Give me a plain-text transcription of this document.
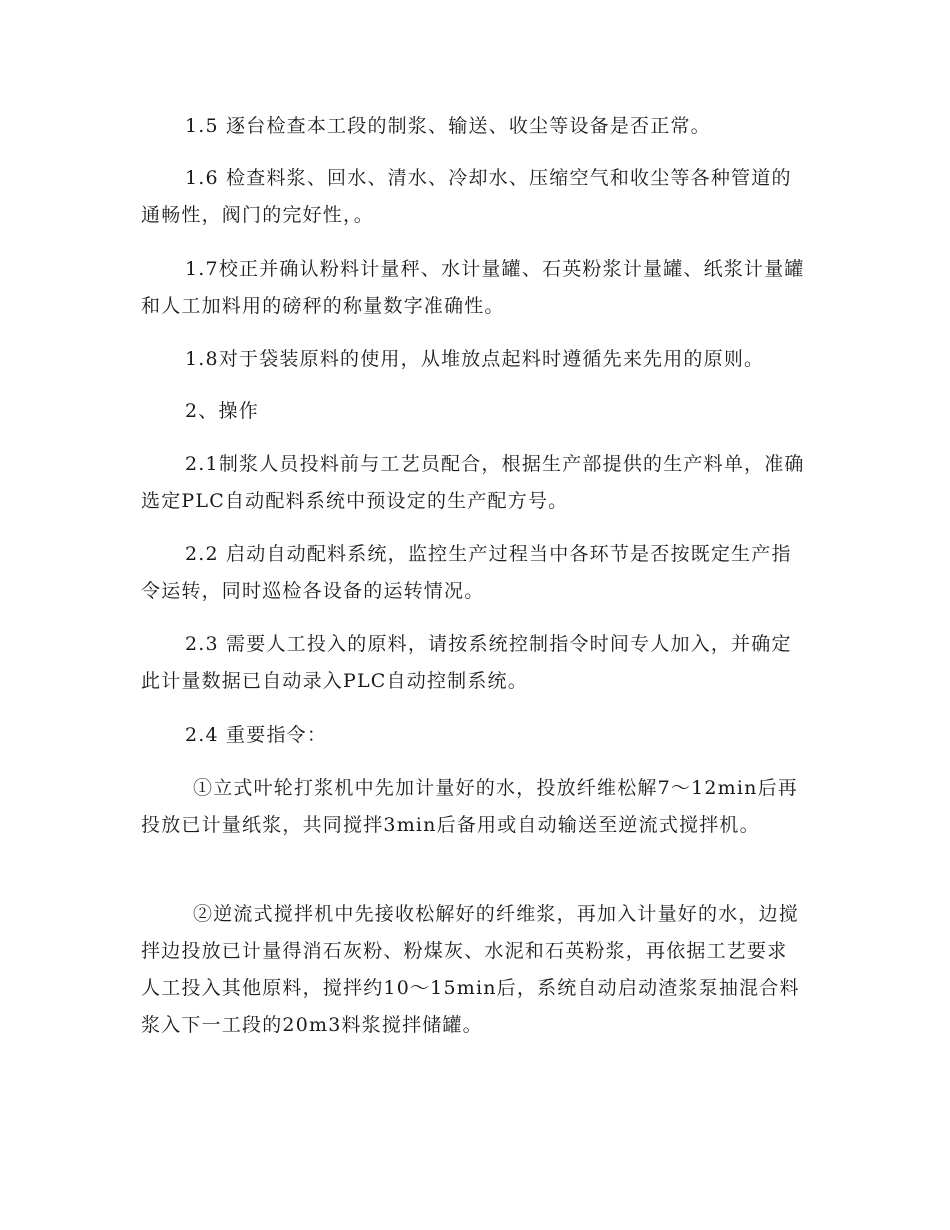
1.5 逐台检查本工段的制浆、输送、收尘等设备是否正常。

1.6 检查料浆、回水、清水、冷却水、压缩空气和收尘等各种管道的通畅性，阀门的完好性，。

1.7校正并确认粉料计量秤、水计量罐、石英粉浆计量罐、纸浆计量罐和人工加料用的磅秤的称量数字准确性。

1.8对于袋装原料的使用，从堆放点起料时遵循先来先用的原则。

2、操作

2.1制浆人员投料前与工艺员配合，根据生产部提供的生产料单，准确选定PLC自动配料系统中预设定的生产配方号。

2.2 启动自动配料系统，监控生产过程当中各环节是否按既定生产指令运转，同时巡检各设备的运转情况。

2.3 需要人工投入的原料，请按系统控制指令时间专人加入，并确定此计量数据已自动录入PLC自动控制系统。

2.4 重要指令：

①立式叶轮打浆机中先加计量好的水，投放纤维松解7～12min后再投放已计量纸浆，共同搅拌3min后备用或自动输送至逆流式搅拌机。

②逆流式搅拌机中先接收松解好的纤维浆，再加入计量好的水，边搅拌边投放已计量得消石灰粉、粉煤灰、水泥和石英粉浆，再依据工艺要求人工投入其他原料，搅拌约10～15min后，系统自动启动渣浆泵抽混合料浆入下一工段的20m3料浆搅拌储罐。
